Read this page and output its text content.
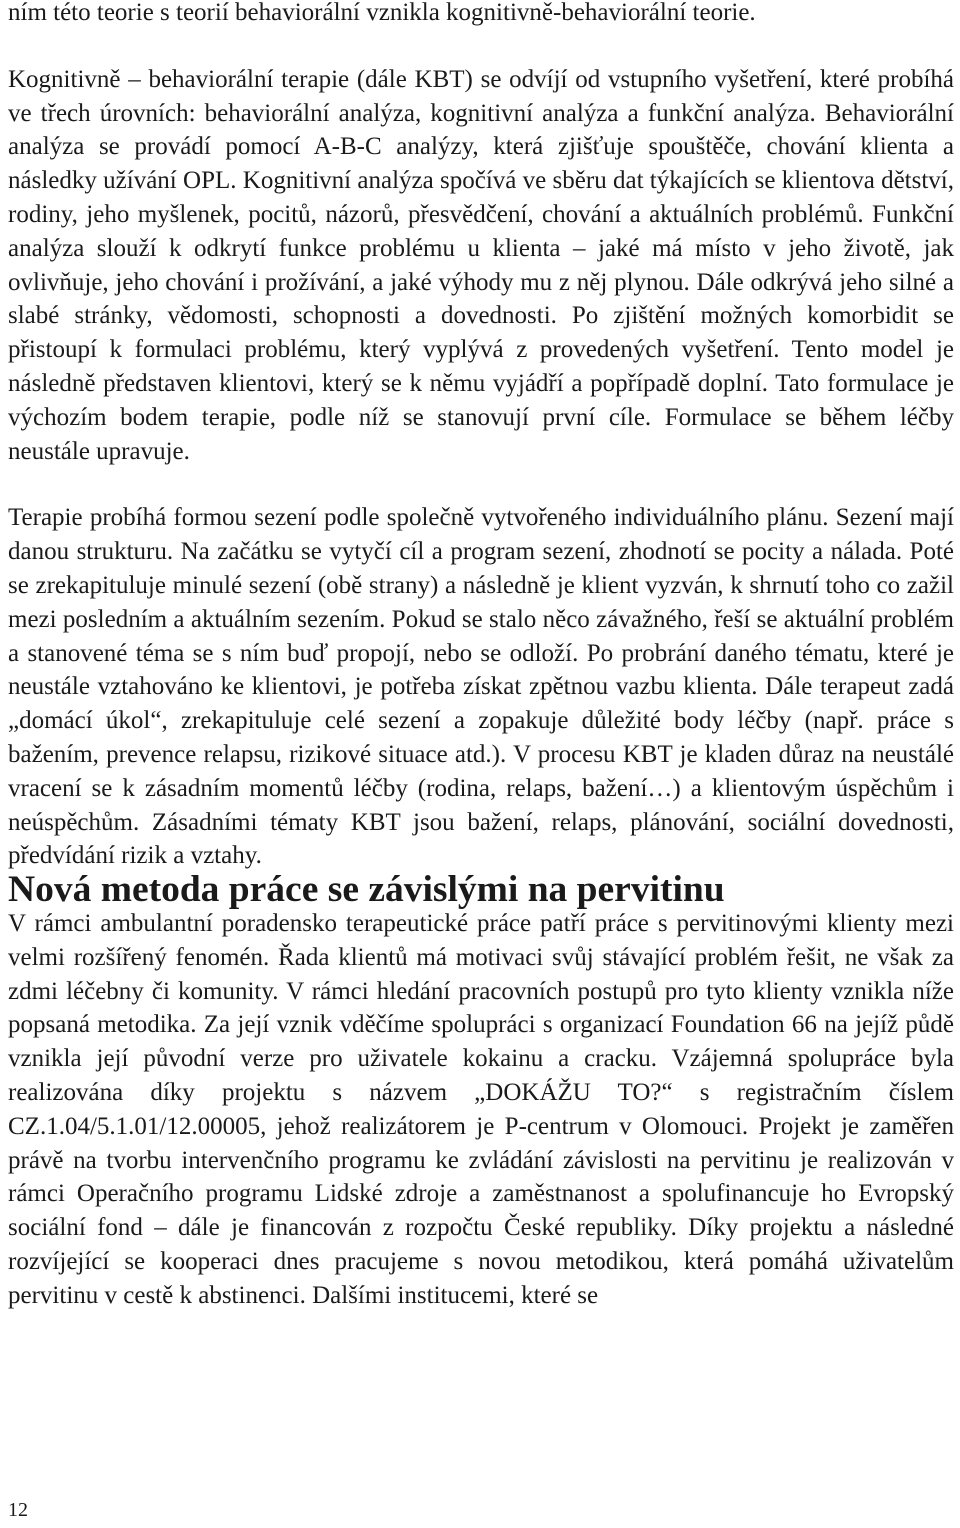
ním této teorie s teorií behaviorální vznikla kognitivně-behaviorální teorie.

Kognitivně – behaviorální terapie (dále KBT) se odvíjí od vstupního vyšetření, které probíhá ve třech úrovních: behaviorální analýza, kognitivní analýza a funkční analýza. Behaviorální analýza se provádí pomocí A-B-C analýzy, která zjišťuje spouštěče, chování klienta a následky užívání OPL. Kognitivní analýza spočívá ve sběru dat týkajících se klientova dětství, rodiny, jeho myšlenek, pocitů, názorů, přesvědčení, chování a aktuálních problémů. Funkční analýza slouží k odkrytí funkce problému u klienta – jaké má místo v jeho životě, jak ovlivňuje, jeho chování i prožívání, a jaké výhody mu z něj plynou. Dále odkrývá jeho silné a slabé stránky, vědomosti, schopnosti a dovednosti. Po zjištění možných komorbidit se přistoupí k formulaci problému, který vyplývá z provedených vyšetření. Tento model je následně představen klientovi, který se k němu vyjádří a popřípadě doplní. Tato formulace je výchozím bodem terapie, podle níž se stanovují první cíle. Formulace se během léčby neustále upravuje.

Terapie probíhá formou sezení podle společně vytvořeného individuálního plánu. Sezení mají danou strukturu. Na začátku se vytyčí cíl a program sezení, zhodnotí se pocity a nálada. Poté se zrekapituluje minulé sezení (obě strany) a následně je klient vyzván, k shrnutí toho co zažil mezi posledním a aktuálním sezením. Pokud se stalo něco závažného, řeší se aktuální problém a stanovené téma se s ním buď propojí, nebo se odloží. Po probrání daného tématu, které je neustále vztahováno ke klientovi, je potřeba získat zpětnou vazbu klienta. Dále terapeut zadá „domácí úkol“, zrekapituluje celé sezení a zopakuje důležité body léčby (např. práce s bažením, prevence relapsu, rizikové situace atd.). V procesu KBT je kladen důraz na neustálé vracení se k zásadním momentů léčby (rodina, relaps, bažení…) a klientovým úspěchům i neúspěchům. Zásadními tématy KBT jsou bažení, relaps, plánování, sociální dovednosti, předvídání rizik a vztahy.

Nová metoda práce se závislými na pervitinu

V rámci ambulantní poradensko terapeutické práce patří práce s pervitinovými klienty mezi velmi rozšířený fenomén. Řada klientů má motivaci svůj stávající problém řešit, ne však za zdmi léčebny či komunity. V rámci hledání pracovních postupů pro tyto klienty vznikla níže popsaná metodika. Za její vznik vděčíme spolupráci s organizací Foundation 66 na jejíž půdě vznikla její původní verze pro uživatele kokainu a cracku. Vzájemná spolupráce byla realizována díky projektu s názvem „DOKÁŽU TO?“ s registračním číslem CZ.1.04/5.1.01/12.00005, jehož realizátorem je P-centrum v Olomouci. Projekt je zaměřen právě na tvorbu intervenčního programu ke zvládání závislosti na pervitinu je realizován v rámci Operačního programu Lidské zdroje a zaměstnanost a spolufinancuje ho Evropský sociální fond – dále je financován z rozpočtu České republiky. Díky projektu a následné rozvíjející se kooperaci dnes pracujeme s novou metodikou, která pomáhá uživatelům pervitinu v cestě k abstinenci. Dalšími institucemi, které se

12
